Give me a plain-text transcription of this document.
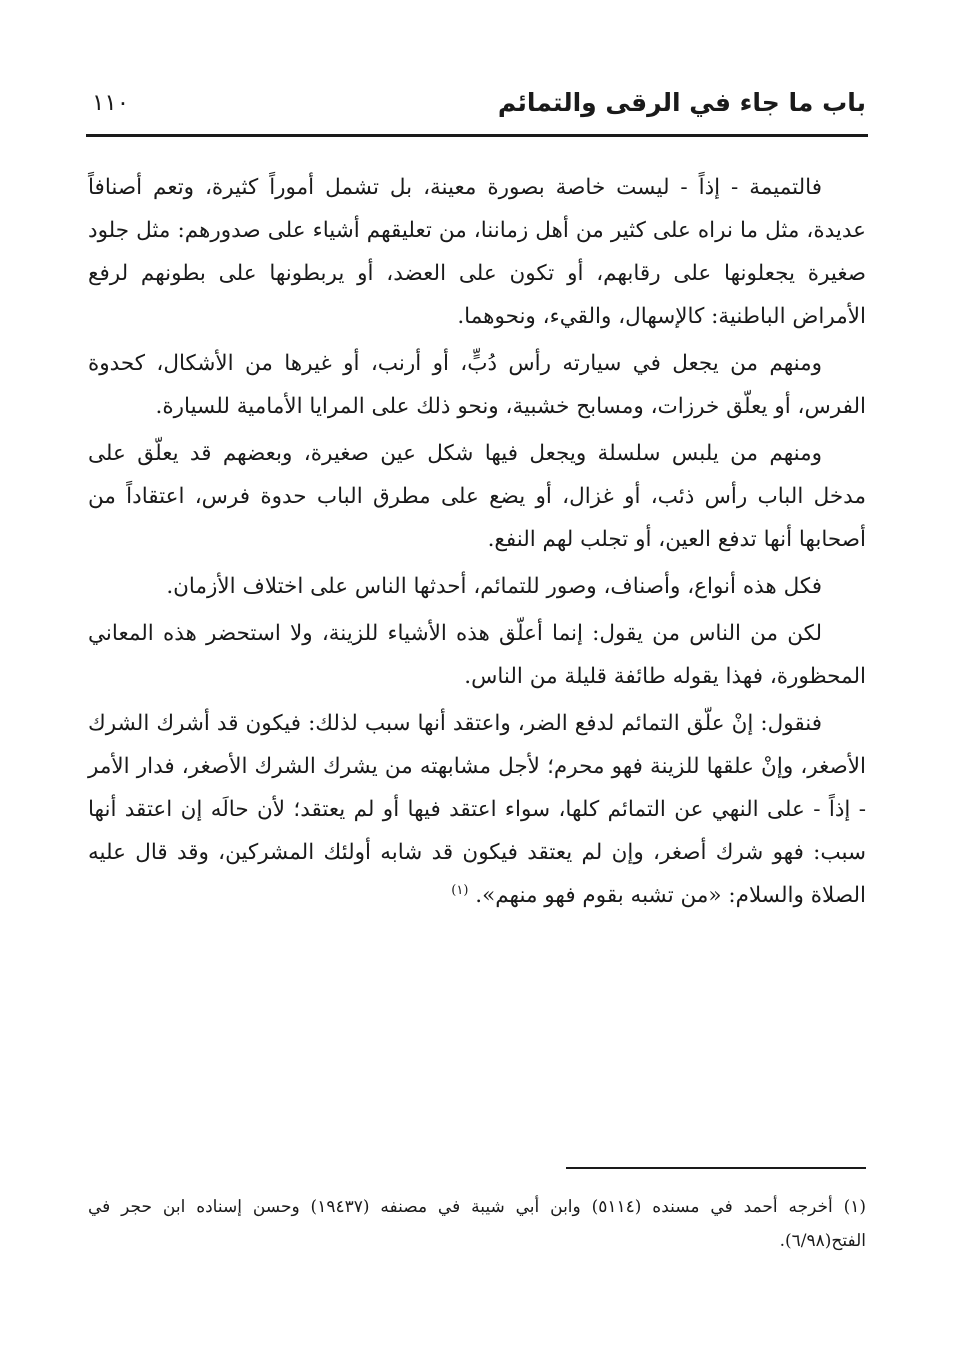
باب ما جاء في الرقى والتمائم
١١٠

فالتميمة - إذاً - ليست خاصة بصورة معينة، بل تشمل أموراً كثيرة، وتعم أصنافاً عديدة، مثل ما نراه على كثير من أهل زماننا، من تعليقهم أشياء على صدورهم: مثل جلود صغيرة يجعلونها على رقابهم، أو تكون على العضد، أو يربطونها على بطونهم لرفع الأمراض الباطنية: كالإسهال، والقيء، ونحوهما.

ومنهم من يجعل في سيارته رأس دُبٍّ، أو أرنب، أو غيرها من الأشكال، كحدوة الفرس، أو يعلّق خرزات، ومسابح خشبية، ونحو ذلك على المرايا الأمامية للسيارة.

ومنهم من يلبس سلسلة ويجعل فيها شكل عين صغيرة، وبعضهم قد يعلّق على مدخل الباب رأس ذئب، أو غزال، أو يضع على مطرق الباب حدوة فرس، اعتقاداً من أصحابها أنها تدفع العين، أو تجلب لهم النفع.

فكل هذه أنواع، وأصناف، وصور للتمائم، أحدثها الناس على اختلاف الأزمان.

لكن من الناس من يقول: إنما أعلّق هذه الأشياء للزينة، ولا استحضر هذه المعاني المحظورة، فهذا يقوله طائفة قليلة من الناس.

فنقول: إنْ علّق التمائم لدفع الضر، واعتقد أنها سبب لذلك: فيكون قد أشرك الشرك الأصغر، وإنْ علقها للزينة فهو محرم؛ لأجل مشابهته من يشرك الشرك الأصغر، فدار الأمر - إذاً - على النهي عن التمائم كلها، سواء اعتقد فيها أو لم يعتقد؛ لأن حالَه إن اعتقد أنها سبب: فهو شرك أصغر، وإن لم يعتقد فيكون قد شابه أولئك المشركين، وقد قال عليه الصلاة والسلام: «من تشبه بقوم فهو منهم». $^{(١)}$

(١) أخرجه أحمد في مسنده (٥١١٤) وابن أبي شيبة في مصنفه (١٩٤٣٧) وحسن إسناده ابن حجر في الفتح(٦/٩٨).
